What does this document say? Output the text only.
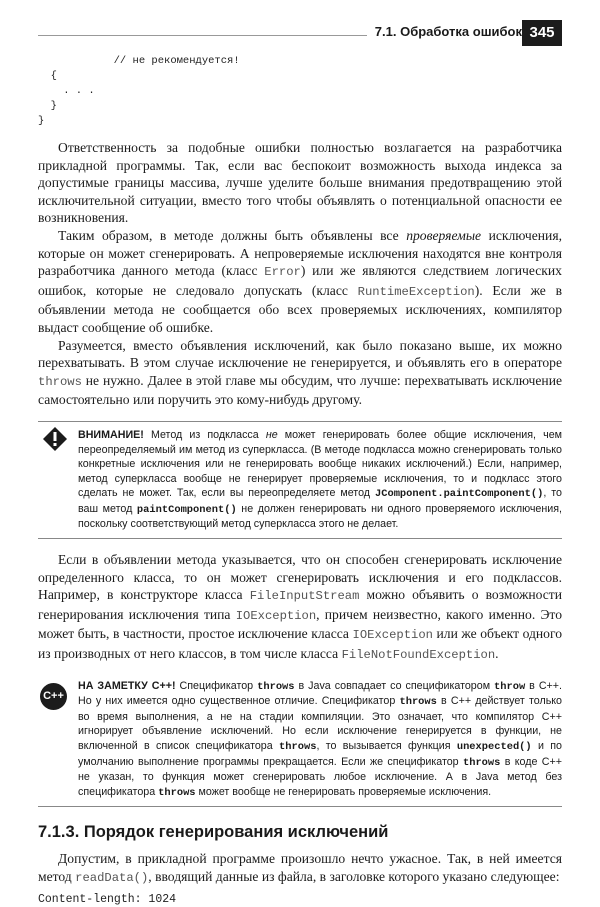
7.1. Обработка ошибок 345
// не рекомендуется!
{
. . .
}
}

Ответственность за подобные ошибки полностью возлагается на разработчика прикладной программы. Так, если вас беспокоит возможность выхода индекса за допустимые границы массива, лучше уделите больше внимания предотвращению этой исключительной ситуации, вместо того чтобы объявлять о потенциальной опасности ее возникновения.

Таким образом, в методе должны быть объявлены все проверяемые исключения, которые он может сгенерировать. А непроверяемые исключения находятся вне контроля разработчика данного метода (класс Error) или же являются следствием логических ошибок, которые не следовало допускать (класс RuntimeException). Если же в объявлении метода не сообщается обо всех проверяемых исключениях, компилятор выдаст сообщение об ошибке.

Разумеется, вместо объявления исключений, как было показано выше, их можно перехватывать. В этом случае исключение не генерируется, и объявлять его в операторе throws не нужно. Далее в этой главе мы обсудим, что лучше: перехватывать исключение самостоятельно или поручить это кому-нибудь другому.

ВНИМАНИЕ! Метод из подкласса не может генерировать более общие исключения, чем переопределяемый им метод из суперкласса. (В методе подкласса можно сгенерировать только конкретные исключения или не генерировать вообще никаких исключений.) Если, например, метод суперкласса вообще не генерирует проверяемые исключения, то и подкласс этого сделать не может. Так, если вы переопределяете метод JComponent.paintComponent(), то ваш метод paintComponent() не должен генерировать ни одного проверяемого исключения, поскольку соответствующий метод суперкласса этого не делает.

Если в объявлении метода указывается, что он способен сгенерировать исключение определенного класса, то он может сгенерировать исключения и его подклассов. Например, в конструкторе класса FileInputStream можно объявить о возможности генерирования исключения типа IOException, причем неизвестно, какого именно. Это может быть, в частности, простое исключение класса IOException или же объект одного из производных от него классов, в том числе класса FileNotFoundException.

C++
НА ЗАМЕТКУ C++! Спецификатор throws в Java совпадает со спецификатором throw в C++. Но у них имеется одно существенное отличие. Спецификатор throws в C++ действует только во время выполнения, а не на стадии компиляции. Это означает, что компилятор C++ игнорирует объявление исключений. Но если исключение генерируется в функции, не включенной в список спецификатора throws, то вызывается функция unexpected() и по умолчанию выполнение программы прекращается. Если же спецификатор throws в коде C++ не указан, то функция может сгенерировать любое исключение. А в Java метод без спецификатора throws может вообще не генерировать проверяемые исключения.
7.1.3. Порядок генерирования исключений

Допустим, в прикладной программе произошло нечто ужасное. Так, в ней имеется метод readData(), вводящий данные из файла, в заголовке которого указано следующее:

Content-length: 1024
